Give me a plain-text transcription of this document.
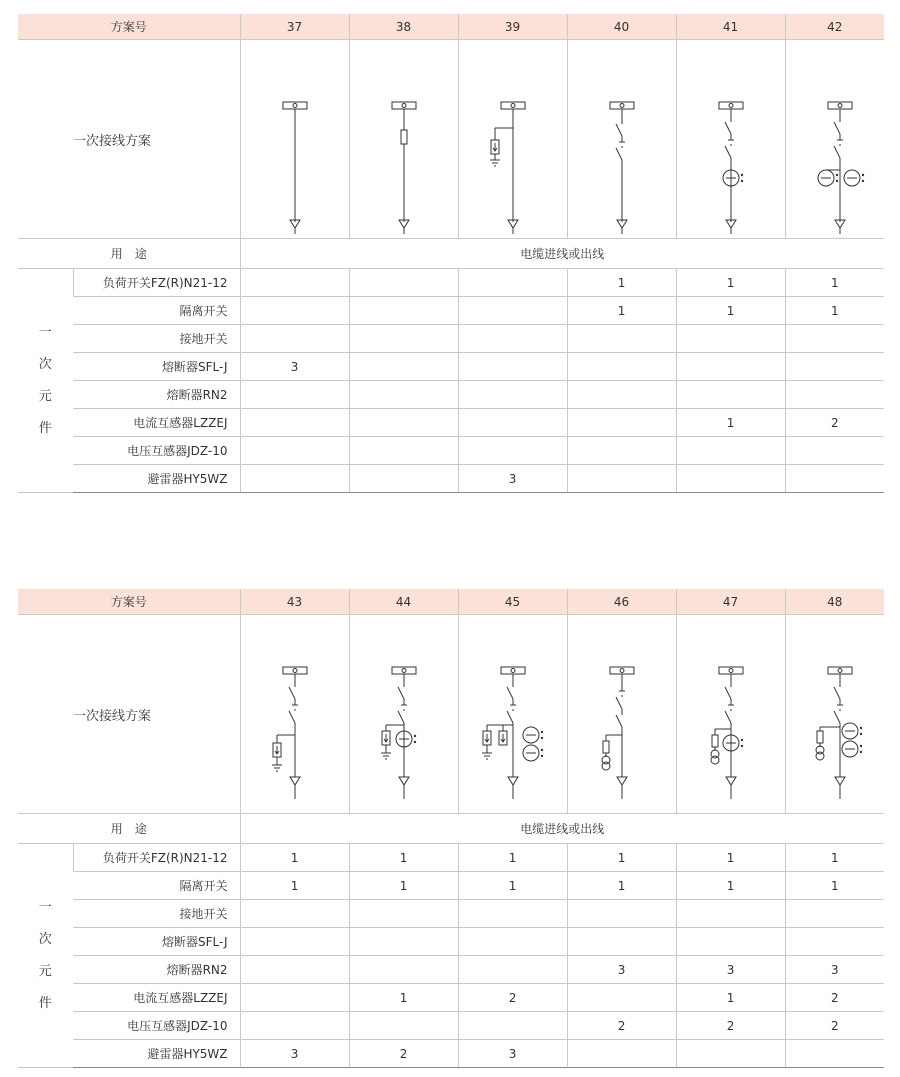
方案号		37	38	39	40	41	42
一次接线方案	

用　途		电缆进线或出线					

一
次
元
件	负荷开关FZ(R)N21-12				1	1	1
	隔离开关				1	1	1
	接地开关						
	熔断器SFL-J	3					
	熔断器RN2						
	电流互感器LZZEJ					1	2
	电压互感器JDZ-10						
	避雷器HY5WZ			3			
方案号		43	44	45	46	47	48
一次接线方案	

用　途		电缆进线或出线					

一
次
元
件	负荷开关FZ(R)N21-12	1	1	1	1	1	1
	隔离开关	1	1	1	1	1	1
	接地开关						
	熔断器SFL-J						
	熔断器RN2				3	3	3
	电流互感器LZZEJ		1	2		1	2
	电压互感器JDZ-10				2	2	2
	避雷器HY5WZ	3	2	3			
